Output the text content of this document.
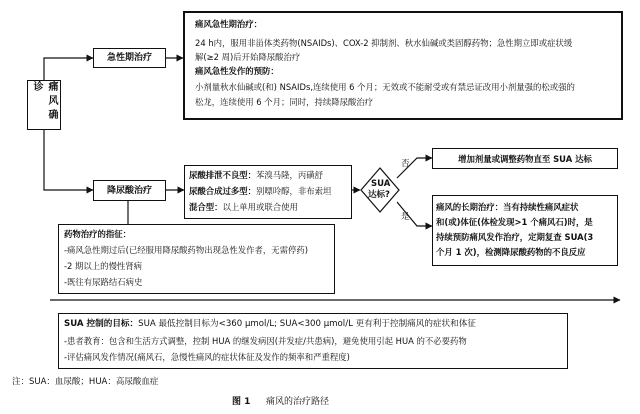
痛风确诊
急性期治疗
痛风急性期治疗：
24 h内，服用非甾体类药物(NSAIDs)、COX-2 抑制剂、秋水仙碱或类固醇药物；急性期立即或症状缓
解(≥2 周)后开始降尿酸治疗
痛风急性发作的预防：
小剂量秋水仙碱或(和) NSAIDs,连续使用 6 个月；无效或不能耐受或有禁忌证改用小剂量强的松或强的
松龙，连续使用 6 个月；同时，持续降尿酸治疗
降尿酸治疗
尿酸排泄不良型：苯溴马隆，丙磺舒
尿酸合成过多型：别嘌呤醇，非布索坦
混合型：以上单用或联合使用
SUA
达标?
否
是
增加剂量或调整药物直至 SUA 达标
痛风的长期治疗：当有持续性痛风症状
和(或)体征(体检发现>1 个痛风石)时，是
持续预防痛风发作治疗，定期复查 SUA(3
个月 1 次)，检测降尿酸药物的不良反应
药物治疗的指征：
-痛风急性期过后(已经服用降尿酸药物出现急性发作者，无需停药)
-2 期以上的慢性肾病
-既往有尿路结石病史
SUA 控制的目标：SUA 最低控制目标为<360 μmol/L; SUA<300 μmol/L 更有利于控制痛风的症状和体征
-患者教育：包含和生活方式调整，控制 HUA 的继发病因(并发症/共患病)，避免使用引起 HUA 的不必要药物
-评估痛风发作情况(痛风石，急慢性痛风的症状体征及发作的频率和严重程度)
注：SUA：血尿酸；HUA：高尿酸血症
图 1 痛风的治疗路径
